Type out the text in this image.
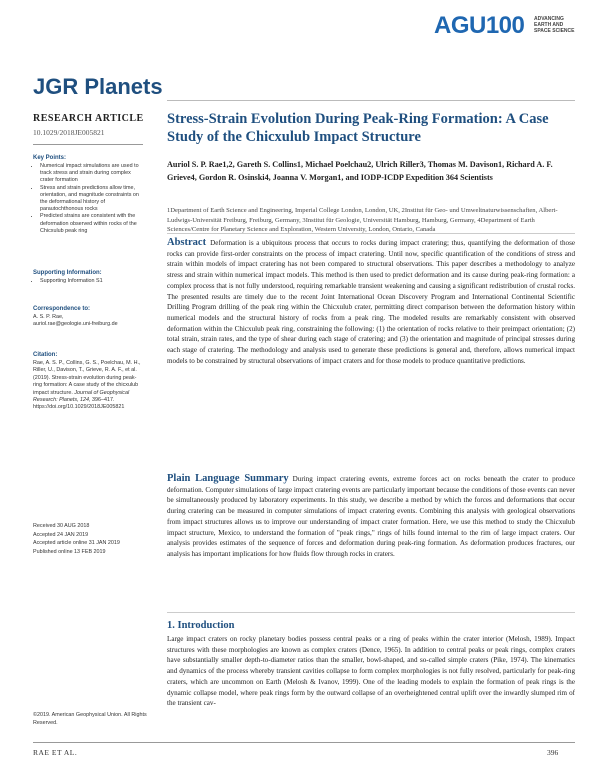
AGU100 ADVANCING
EARTH AND
SPACE SCIENCE
JGR Planets
RESEARCH ARTICLE
10.1029/2018JE005821
Key Points:
• Numerical impact simulations are used to track stress and strain during complex crater formation
• Stress and strain predictions allow time, orientation, and magnitude constraints on the deformational history of parautochthonous rocks
• Predicted strains are consistent with the deformation observed within rocks of the Chicxulub peak ring
Supporting Information:
• Supporting Information S1
Correspondence to:
A. S. P. Rae,
auriol.rae@geologie.uni-freiburg.de
Citation:
Rae, A. S. P., Collins, G. S., Poelchau, M. H., Riller, U., Davison, T., Grieve, R. A. F., et al. (2019). Stress-strain evolution during peak-ring formation: A case study of the chicxulub impact structure. Journal of Geophysical Research: Planets, 124, 396–417. https://doi.org/10.1029/2018JE005821
Received 30 AUG 2018
Accepted 24 JAN 2019
Accepted article online 31 JAN 2019
Published online 13 FEB 2019
©2019. American Geophysical Union. All Rights Reserved.
Stress-Strain Evolution During Peak-Ring Formation: A Case Study of the Chicxulub Impact Structure
Auriol S. P. Rae1,2, Gareth S. Collins1, Michael Poelchau2, Ulrich Riller3, Thomas M. Davison1, Richard A. F. Grieve4, Gordon R. Osinski4, Joanna V. Morgan1, and IODP-ICDP Expedition 364 Scientists
1Department of Earth Science and Engineering, Imperial College London, London, UK, 2Institut für Geo- und Umweltnaturwissenschaften, Albert-Ludwigs-Universität Freiburg, Freiburg, Germany, 3Institut für Geologie, Universität Hamburg, Hamburg, Germany, 4Department of Earth Sciences/Centre for Planetary Science and Exploration, Western University, London, Ontario, Canada
Abstract Deformation is a ubiquitous process that occurs to rocks during impact cratering; thus, quantifying the deformation of those rocks can provide first-order constraints on the process of impact cratering. Until now, specific quantification of the conditions of stress and strain within models of impact cratering has not been compared to structural observations. This paper describes a methodology to analyze stress and strain within numerical impact models. This method is then used to predict deformation and its cause during peak-ring formation: a complex process that is not fully understood, requiring remarkable transient weakening and causing a significant redistribution of crustal rocks. The presented results are timely due to the recent Joint International Ocean Discovery Program and International Continental Scientific Drilling Program drilling of the peak ring within the Chicxulub crater, permitting direct comparison between the deformation history within numerical models and the structural history of rocks from a peak ring. The modeled results are remarkably consistent with observed deformation within the Chicxulub peak ring, constraining the following: (1) the orientation of rocks relative to their preimpact orientation; (2) total strain, strain rates, and the type of shear during each stage of cratering; and (3) the orientation and magnitude of principal stresses during each stage of cratering. The methodology and analysis used to generate these predictions is general and, therefore, allows numerical impact models to be constrained by structural observations of impact craters and for those models to produce quantitative predictions.
Plain Language Summary During impact cratering events, extreme forces act on rocks beneath the crater to produce deformation. Computer simulations of large impact cratering events are particularly important because the conditions of those events can never be simultaneously produced by laboratory experiments. In this study, we describe a method by which the forces and deformations that occur during cratering can be measured in computer simulations of impact cratering events. Combining this analysis with geological observations from impact structures allows us to improve our understanding of impact crater formation. Here, we use this method to study the Chicxulub impact structure, Mexico, to understand the formation of "peak rings," rings of hills found internal to the rim of large impact craters. Our analysis provides estimates of the sequence of forces and deformation during peak-ring formation. As deformation produces fractures, our analysis has important implications for how fluids flow through rocks in craters.
1. Introduction
Large impact craters on rocky planetary bodies possess central peaks or a ring of peaks within the crater interior (Melosh, 1989). Impact structures with these morphologies are known as complex craters (Dence, 1965). In addition to central peaks or peak rings, complex craters have substantially smaller depth-to-diameter ratios than the smaller, bowl-shaped, and so-called simple craters (Pike, 1974). The kinematics and dynamics of the process whereby transient cavities collapse to form complex morphologies is not fully resolved, particularly for peak-ring craters, which are uncommon on Earth (Melosh & Ivanov, 1999). One of the leading models to explain the formation of peak rings is the dynamic collapse model, where peak rings form by the outward collapse of an overheightened central uplift over the inwardly slumped rim of the transient cav-
RAE ET AL.	396
